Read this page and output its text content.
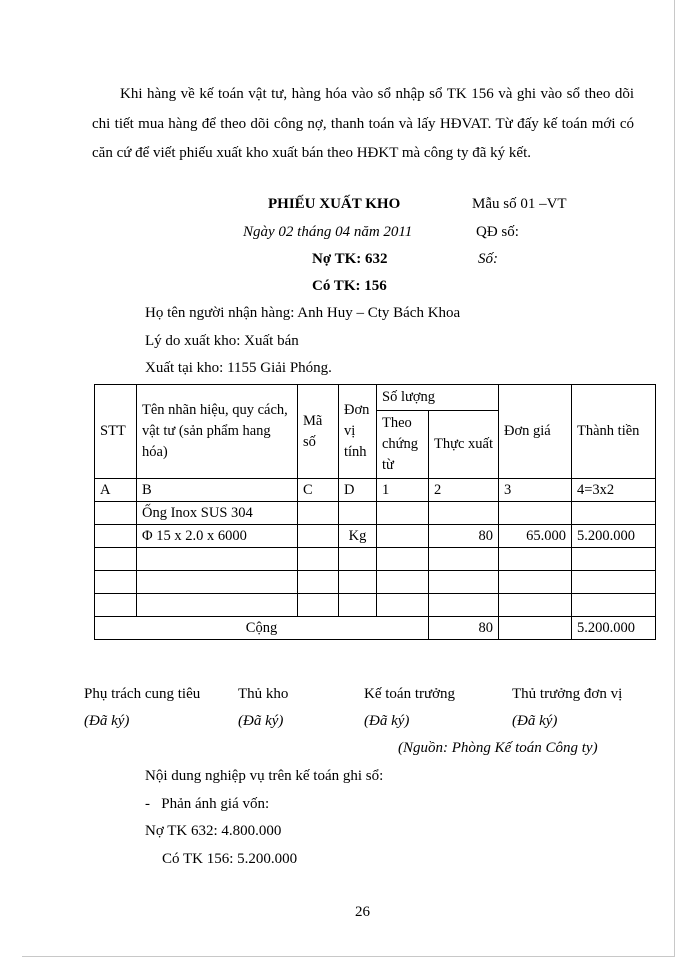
Khi hàng về kế toán vật tư, hàng hóa vào sổ nhập sổ TK 156 và ghi vào sổ theo dõi chi tiết mua hàng để theo dõi công nợ, thanh toán và lấy HĐVAT. Từ đấy kế toán mới có căn cứ để viết phiếu xuất kho xuất bán theo HĐKT mà công ty đã ký kết.

PHIẾU XUẤT KHO	Mẫu số 01 –VT
Ngày 02 tháng 04 năm 2011	QĐ số:
Nợ TK: 632	Số:
Có TK: 156
Họ tên người nhận hàng: Anh Huy – Cty Bách Khoa
Lý do xuất kho: Xuất bán
Xuất tại kho: 1155 Giải Phóng.
STT	Tên nhãn hiệu, quy cách, vật tư (sản phẩm hang hóa)	Mã số	Đơn vị tính	Số lượng		Đơn giá	Thành tiền
				Theo chứng từ	Thực xuất		
A	B	C	D	1	2	3	4=3x2
	Ống Inox SUS 304						
	Φ 15 x 2.0 x 6000		Kg		80	65.000	5.200.000

Cộng					80		5.200.000
Phụ trách cung tiêu	Thủ kho	Kế toán trưởng	Thủ trưởng đơn vị
(Đã ký)	(Đã ký)	(Đã ký)	(Đã ký)
(Nguồn: Phòng Kế toán Công ty)
Nội dung nghiệp vụ trên kế toán ghi sổ:
-   Phản ánh giá vốn:
Nợ TK 632: 4.800.000
Có TK 156: 5.200.000
26
